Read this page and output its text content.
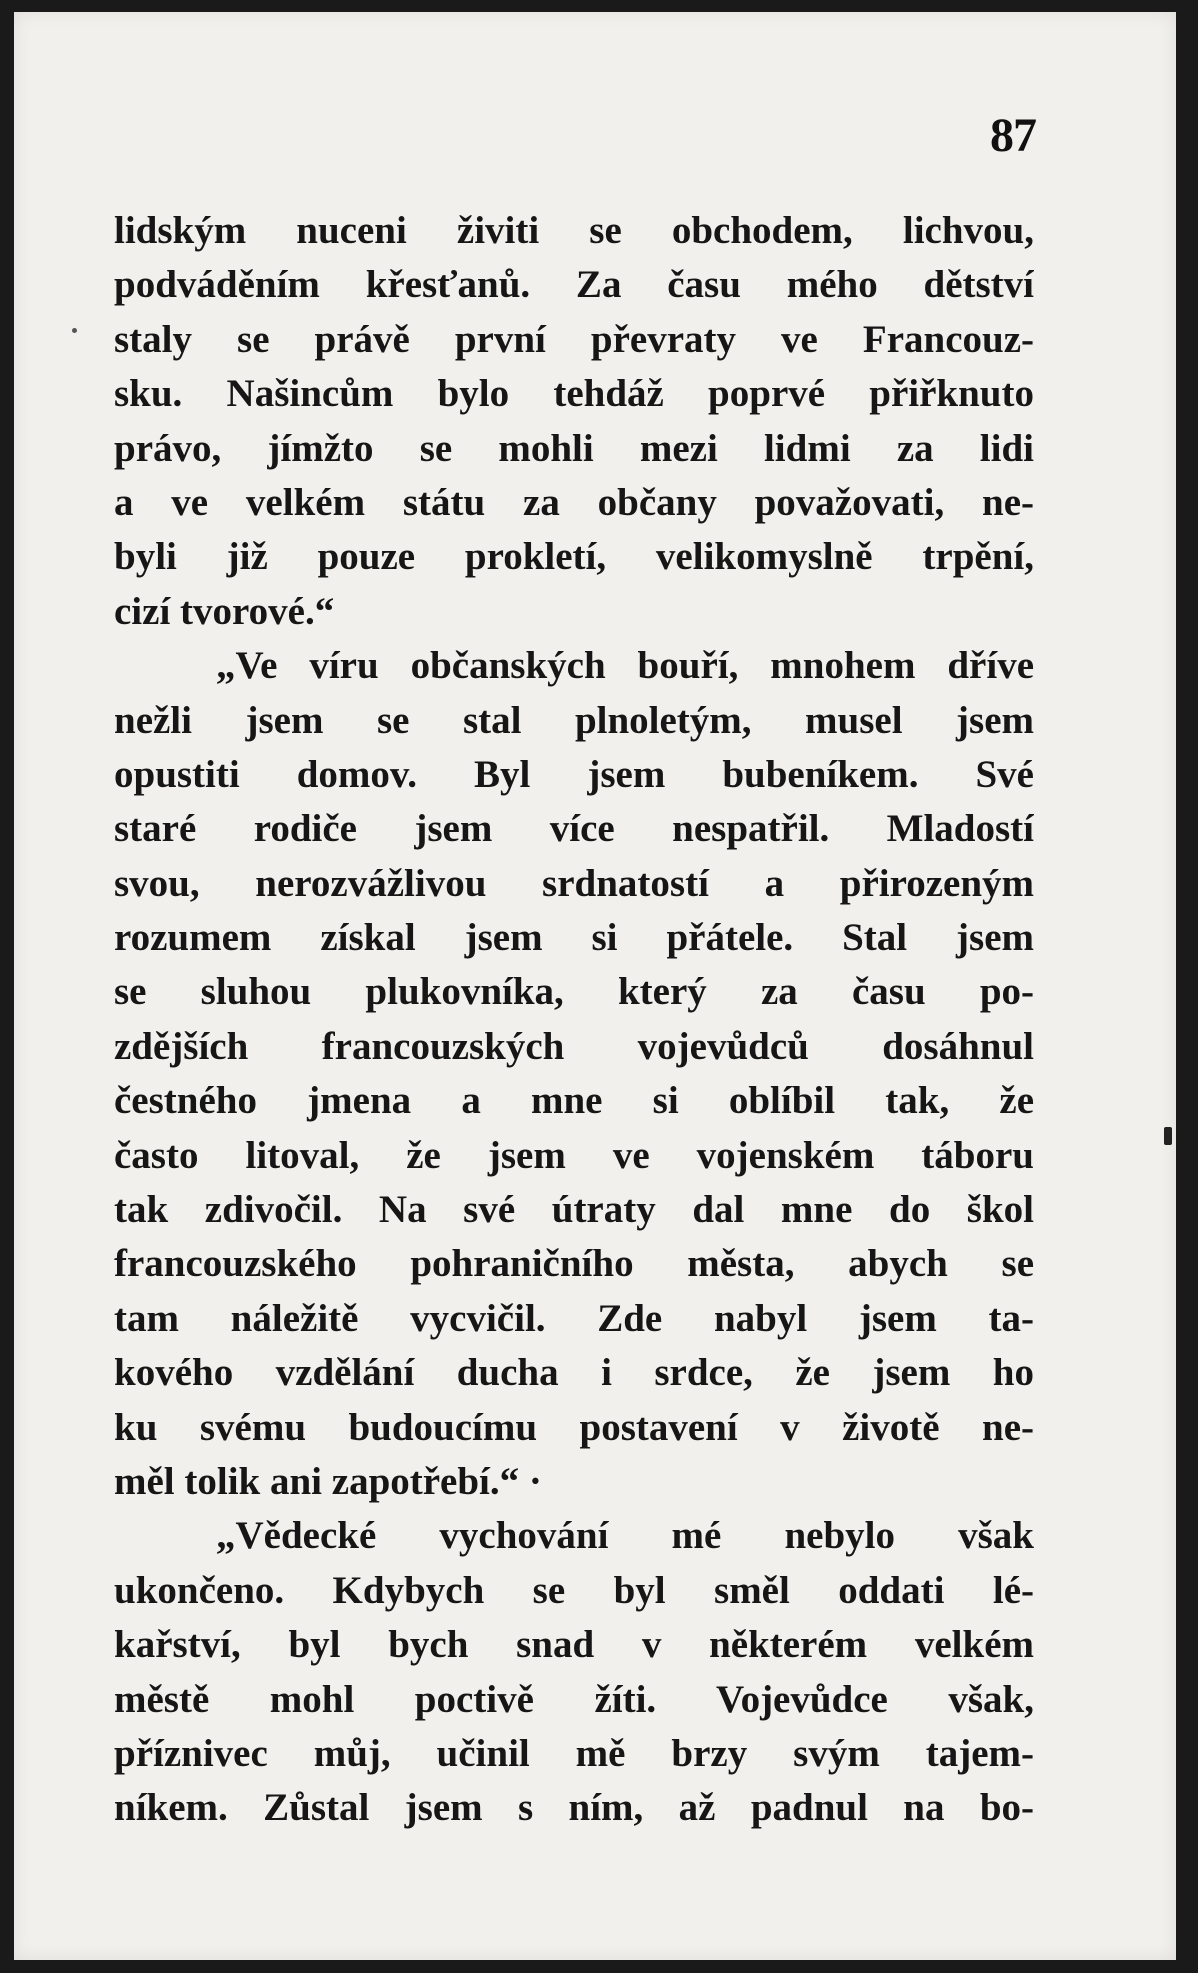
87
lidským nuceni živiti se obchodem, lichvou,
podváděním křesťanů. Za času mého dětství
staly se právě první převraty ve Francouz-
sku. Našincům bylo tehdáž poprvé přiřknuto
právo, jímžto se mohli mezi lidmi za lidi
a ve velkém státu za občany považovati, ne-
byli již pouze prokletí, velikomyslně trpění,
cizí tvorové.“
„Ve víru občanských bouří, mnohem dříve
nežli jsem se stal plnoletým, musel jsem
opustiti domov. Byl jsem bubeníkem. Své
staré rodiče jsem více nespatřil. Mladostí
svou, nerozvážlivou srdnatostí a přirozeným
rozumem získal jsem si přátele. Stal jsem
se sluhou plukovníka, který za času po-
zdějších francouzských vojevůdců dosáhnul
čestného jmena a mne si oblíbil tak, že
často litoval, že jsem ve vojenském táboru
tak zdivočil. Na své útraty dal mne do škol
francouzského pohraničního města, abych se
tam náležitě vycvičil. Zde nabyl jsem ta-
kového vzdělání ducha i srdce, že jsem ho
ku svému budoucímu postavení v životě ne-
měl tolik ani zapotřebí.“ ·
„Vědecké vychování mé nebylo však
ukončeno. Kdybych se byl směl oddati lé-
kařství, byl bych snad v některém velkém
městě mohl poctivě žíti. Vojevůdce však,
příznivec můj, učinil mě brzy svým tajem-
níkem. Zůstal jsem s ním, až padnul na bo-
